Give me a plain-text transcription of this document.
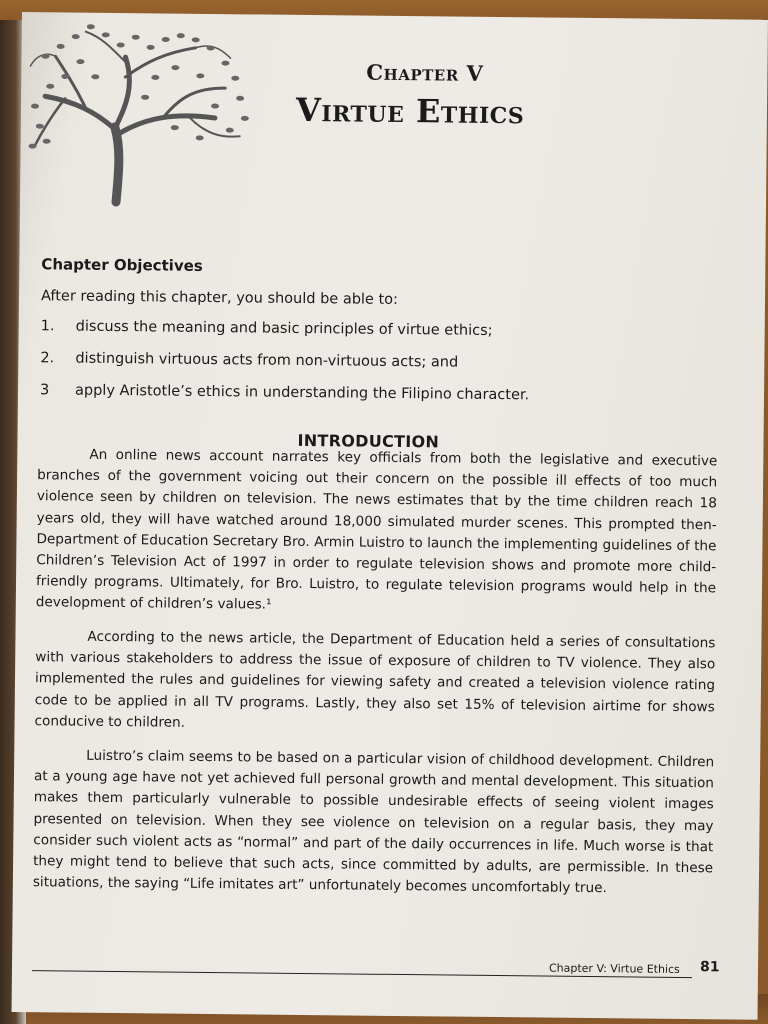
Chapter V
Virtue Ethics
Chapter Objectives
After reading this chapter, you should be able to:
1. discuss the meaning and basic principles of virtue ethics;
2. distinguish virtuous acts from non-virtuous acts; and
3 apply Aristotle’s ethics in understanding the Filipino character.
INTRODUCTION

An online news account narrates key officials from both the legislative and executive branches of the government voicing out their concern on the possible ill effects of too much violence seen by children on television. The news estimates that by the time children reach 18 years old, they will have watched around 18,000 simulated murder scenes. This prompted then-Department of Education Secretary Bro. Armin Luistro to launch the implementing guidelines of the Children’s Television Act of 1997 in order to regulate television shows and promote more child-friendly programs. Ultimately, for Bro. Luistro, to regulate television programs would help in the development of children’s values.¹

According to the news article, the Department of Education held a series of consultations with various stakeholders to address the issue of exposure of children to TV violence. They also implemented the rules and guidelines for viewing safety and created a television violence rating code to be applied in all TV programs. Lastly, they also set 15% of television airtime for shows conducive to children.

Luistro’s claim seems to be based on a particular vision of childhood development. Children at a young age have not yet achieved full personal growth and mental development. This situation makes them particularly vulnerable to possible undesirable effects of seeing violent images presented on television. When they see violence on television on a regular basis, they may consider such violent acts as “normal” and part of the daily occurrences in life. Much worse is that they might tend to believe that such acts, since committed by adults, are permissible. In these situations, the saying “Life imitates art” unfortunately becomes uncomfortably true.

Chapter V: Virtue Ethics 81
